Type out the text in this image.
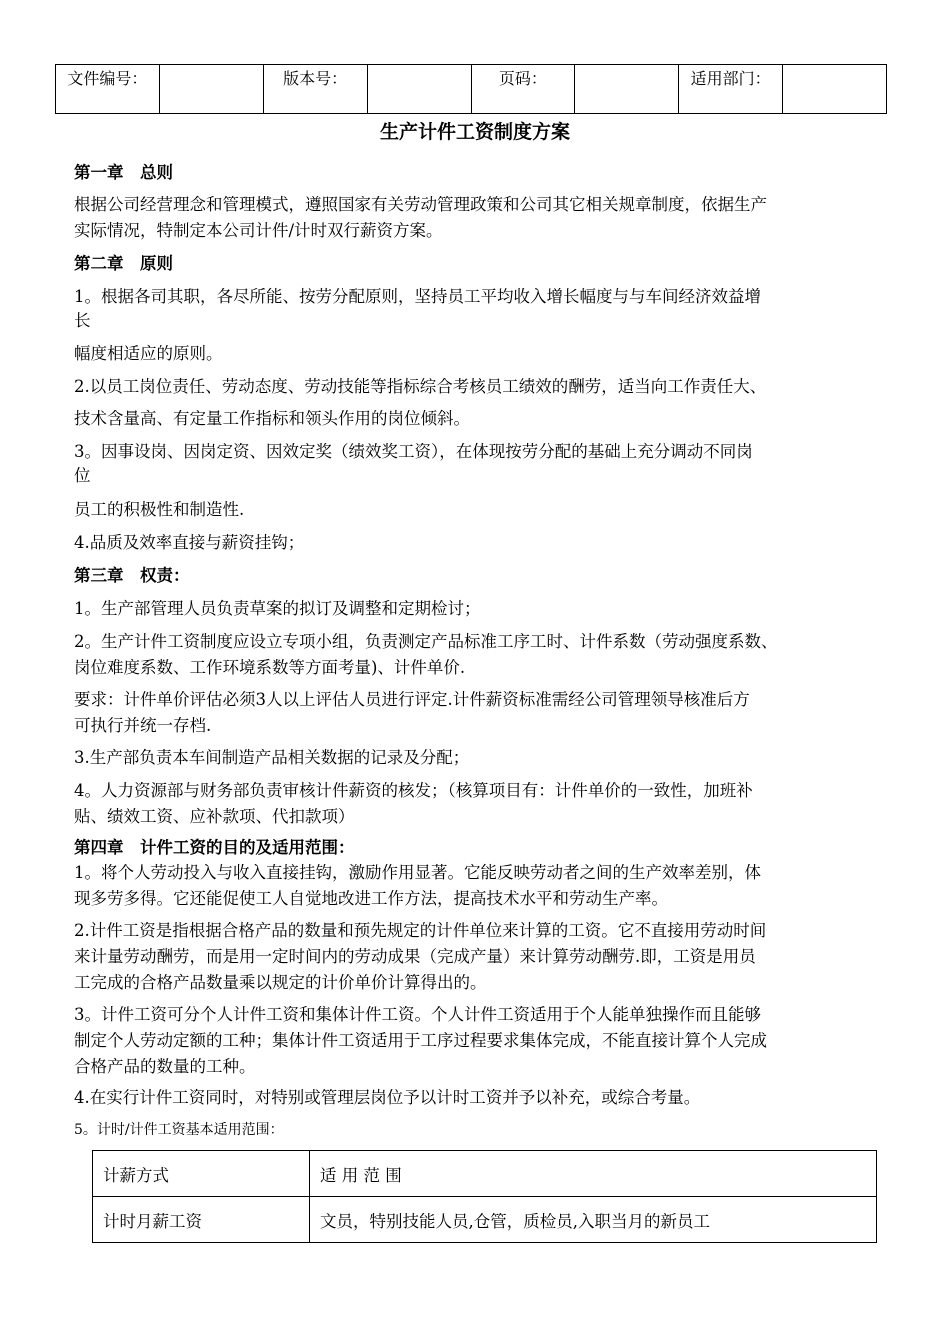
文件编号：		版本号：		页码：		适用部门：	
生产计件工资制度方案
第一章　总则
根据公司经营理念和管理模式，遵照国家有关劳动管理政策和公司其它相关规章制度，依据生产
实际情况，特制定本公司计件/计时双行薪资方案。
第二章　原则
1。根据各司其职，各尽所能、按劳分配原则，坚持员工平均收入增长幅度与与车间经济效益增
长
幅度相适应的原则。
2.以员工岗位责任、劳动态度、劳动技能等指标综合考核员工绩效的酬劳，适当向工作责任大、
技术含量高、有定量工作指标和领头作用的岗位倾斜。
3。因事设岗、因岗定资、因效定奖（绩效奖工资），在体现按劳分配的基础上充分调动不同岗
位
员工的积极性和制造性.
4.品质及效率直接与薪资挂钩；
第三章　权责：
1。生产部管理人员负责草案的拟订及调整和定期检讨；
2。生产计件工资制度应设立专项小组，负责测定产品标准工序工时、计件系数（劳动强度系数、
岗位难度系数、工作环境系数等方面考量)、计件单价.
要求：计件单价评估必须3人以上评估人员进行评定.计件薪资标准需经公司管理领导核准后方
可执行并统一存档.
3.生产部负责本车间制造产品相关数据的记录及分配；
4。人力资源部与财务部负责审核计件薪资的核发；（核算项目有：计件单价的一致性，加班补
贴、绩效工资、应补款项、代扣款项）
第四章　计件工资的目的及适用范围：
1。将个人劳动投入与收入直接挂钩，激励作用显著。它能反映劳动者之间的生产效率差别，体
现多劳多得。它还能促使工人自觉地改进工作方法，提高技术水平和劳动生产率。
2.计件工资是指根据合格产品的数量和预先规定的计件单位来计算的工资。它不直接用劳动时间
来计量劳动酬劳，而是用一定时间内的劳动成果（完成产量）来计算劳动酬劳.即，工资是用员
工完成的合格产品数量乘以规定的计价单价计算得出的。
3。计件工资可分个人计件工资和集体计件工资。个人计件工资适用于个人能单独操作而且能够
制定个人劳动定额的工种；集体计件工资适用于工序过程要求集体完成，不能直接计算个人完成
合格产品的数量的工种。
4.在实行计件工资同时，对特别或管理层岗位予以计时工资并予以补充，或综合考量。
5。计时/计件工资基本适用范围：
计薪方式	适 用 范 围
计时月薪工资	文员，特别技能人员,仓管，质检员,入职当月的新员工
